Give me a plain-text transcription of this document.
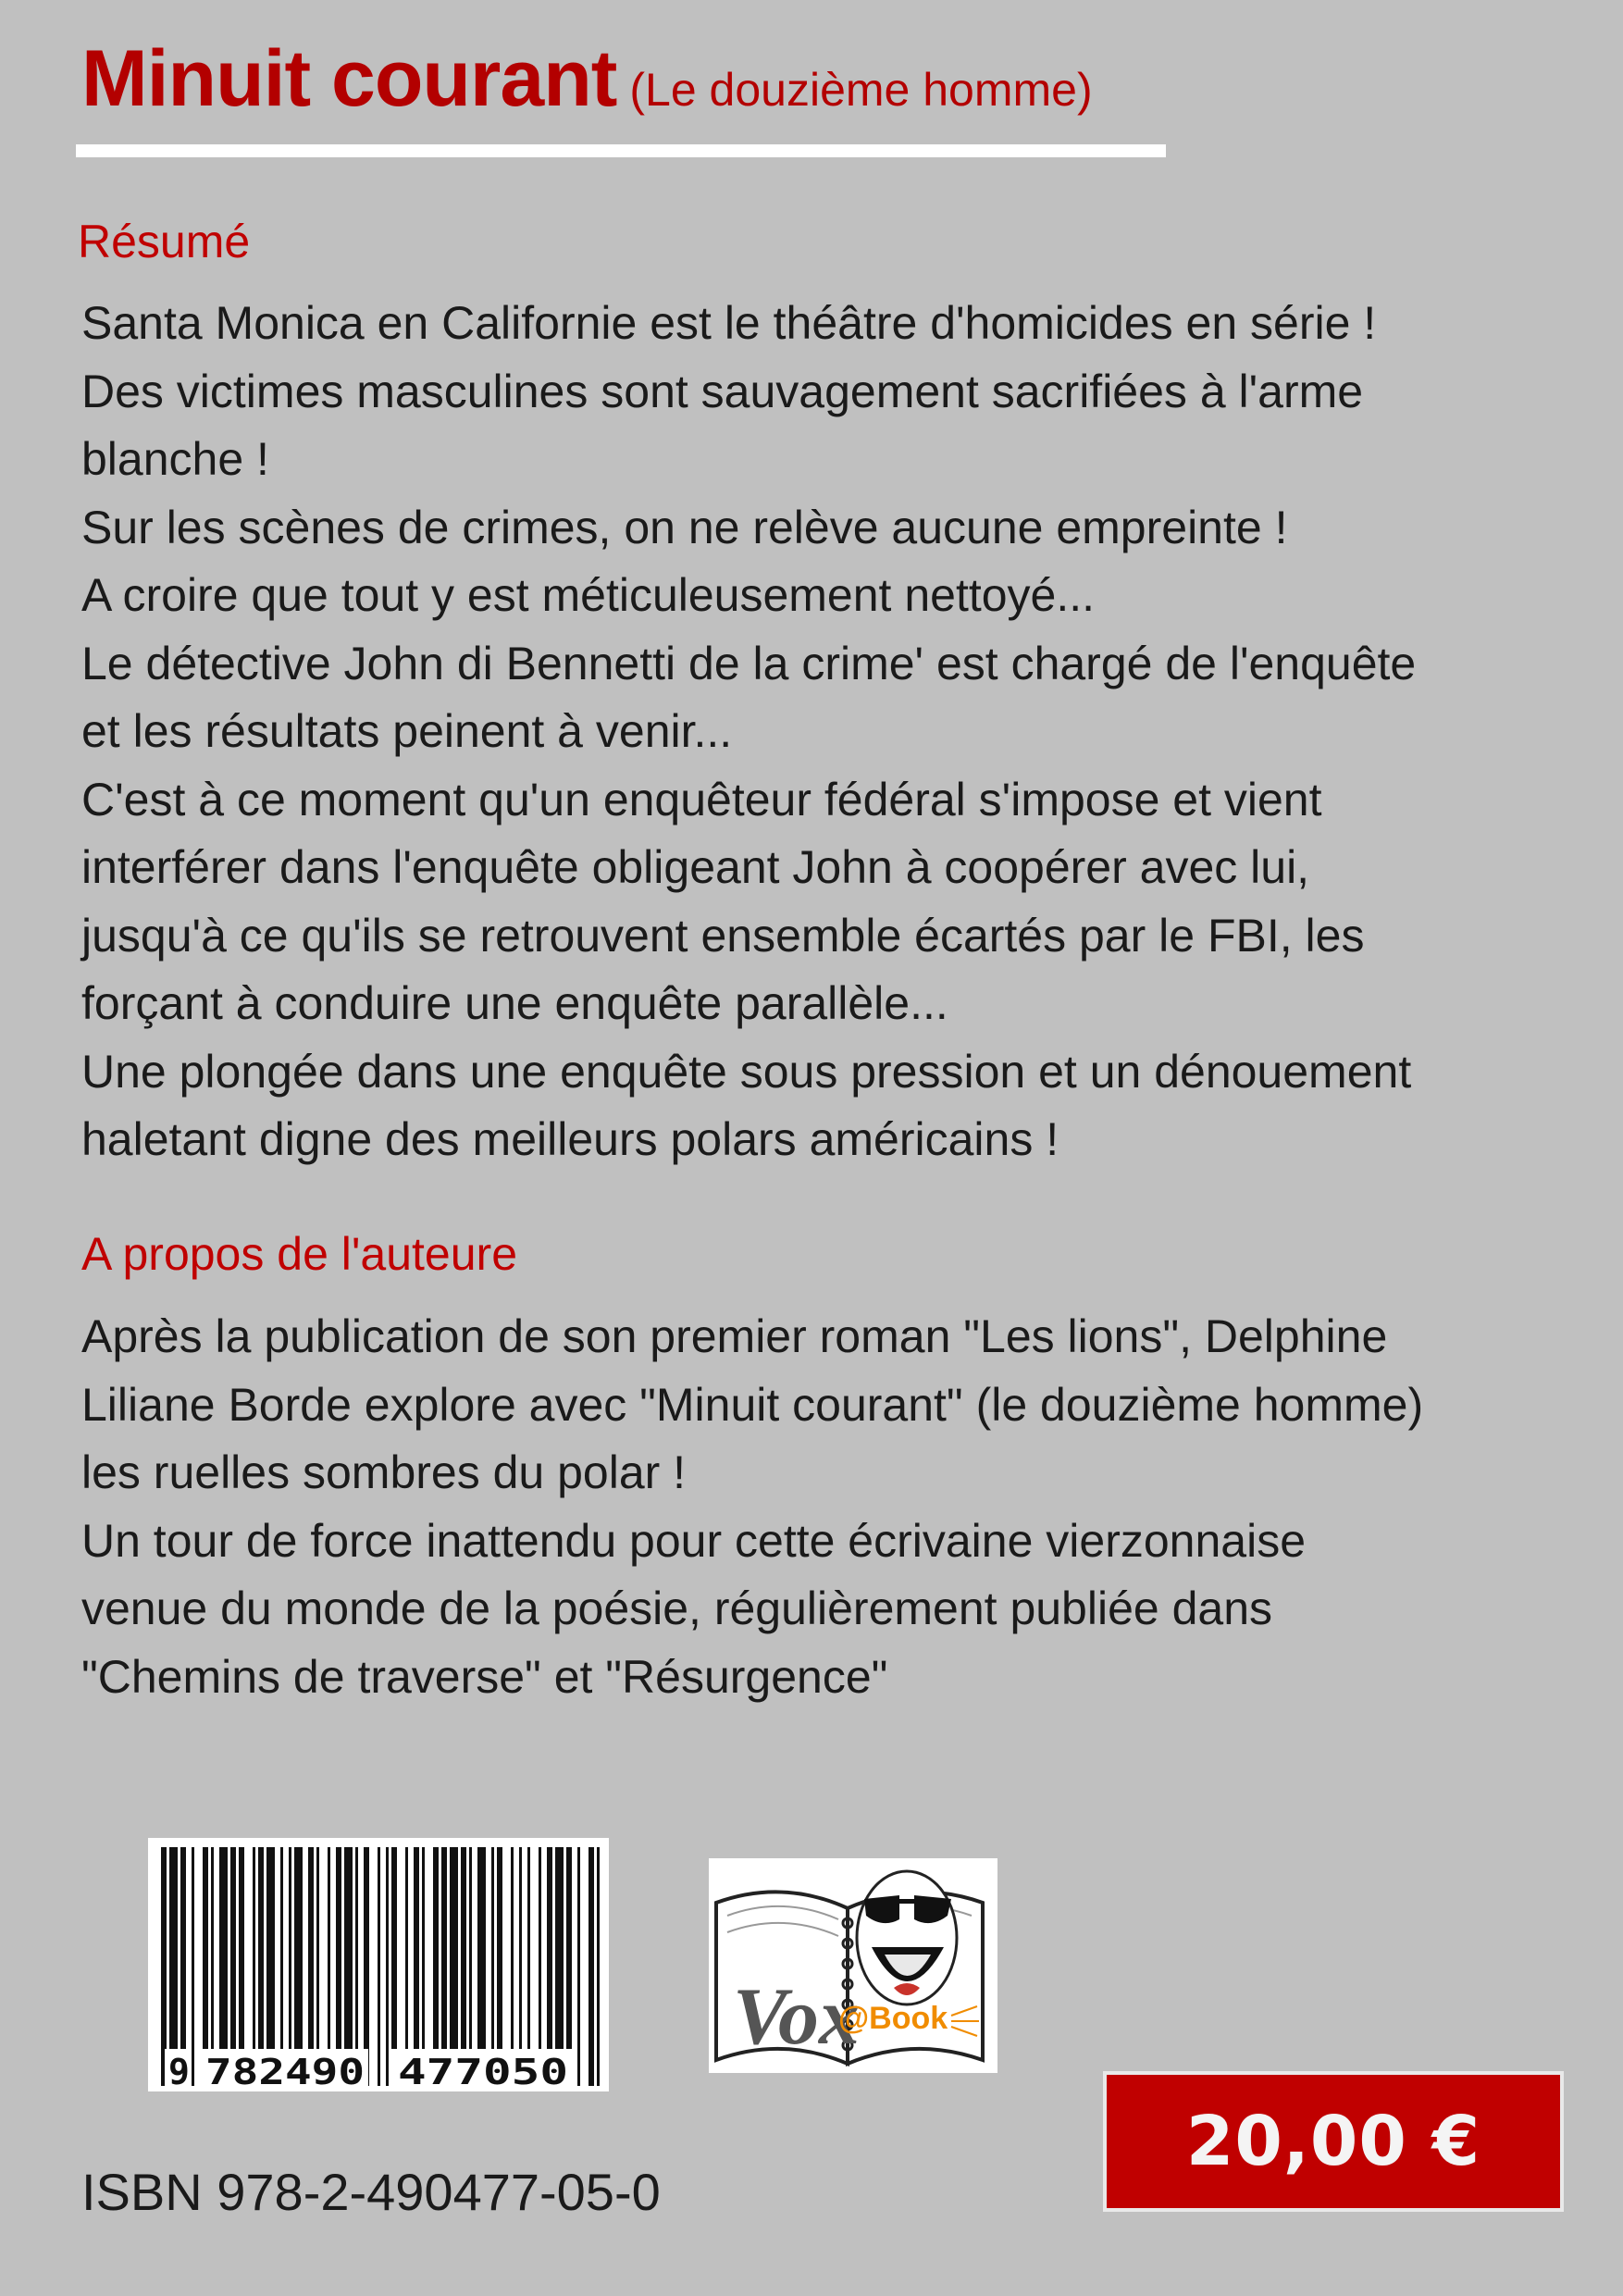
Minuit courant (Le douzième homme)
Résumé

Santa Monica en Californie est le théâtre d'homicides en série !

Des victimes masculines sont sauvagement sacrifiées à l'arme

blanche !

Sur les scènes de crimes, on ne relève aucune empreinte !

A croire que tout y est méticuleusement nettoyé...

Le détective John di Bennetti de la crime' est chargé de l'enquête

et les résultats peinent à venir...

C'est à ce moment qu'un enquêteur fédéral s'impose et vient

interférer dans l'enquête obligeant John à coopérer avec lui,

jusqu'à ce qu'ils se retrouvent ensemble écartés par le FBI, les

forçant à conduire une enquête parallèle...

Une plongée dans une enquête sous pression et un dénouement

haletant digne des meilleurs polars américains !

A propos de l'auteure

Après la publication de son premier roman "Les lions", Delphine

Liliane Borde explore avec "Minuit courant" (le douzième homme)

les ruelles sombres du polar !

Un tour de force inattendu pour cette écrivaine vierzonnaise

venue du monde de la poésie, régulièrement publiée dans

"Chemins de traverse" et "Résurgence"

9 782490 477050
Vox
@Book
20,00 €
ISBN 978-2-490477-05-0
